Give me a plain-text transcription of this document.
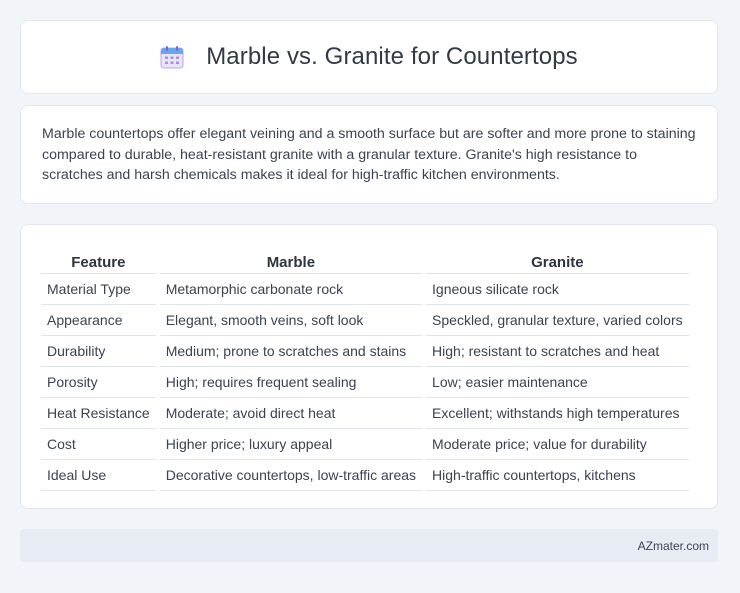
Marble vs. Granite for Countertops

Marble countertops offer elegant veining and a smooth surface but are softer and more prone to staining compared to durable, heat-resistant granite with a granular texture. Granite's high resistance to scratches and harsh chemicals makes it ideal for high-traffic kitchen environments.

Feature	Marble	Granite
Material Type	Metamorphic carbonate rock	Igneous silicate rock
Appearance	Elegant, smooth veins, soft look	Speckled, granular texture, varied colors
Durability	Medium; prone to scratches and stains	High; resistant to scratches and heat
Porosity	High; requires frequent sealing	Low; easier maintenance
Heat Resistance	Moderate; avoid direct heat	Excellent; withstands high temperatures
Cost	Higher price; luxury appeal	Moderate price; value for durability
Ideal Use	Decorative countertops, low-traffic areas	High-traffic countertops, kitchens
AZmater.com
